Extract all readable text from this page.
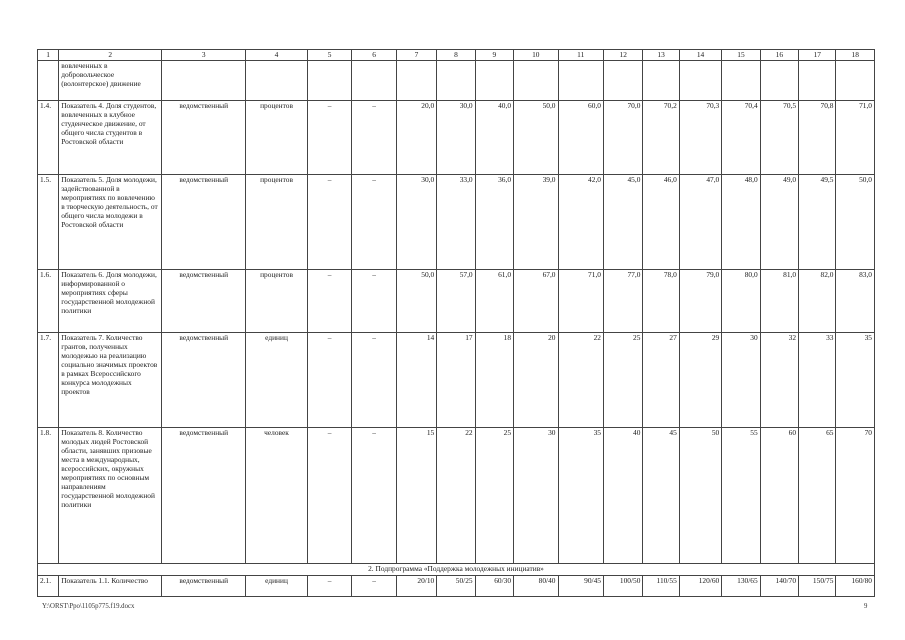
1	2	3	4	5	6	7	8	9	10	11	12	13	14	15	16	17	18
	вовлеченных в добровольческое (волонтерское) движение																
1.4.	Показатель 4. Доля студентов, вовлеченных в клубное студенческое движение, от общего числа студентов в Ростовской области	ведомственный	процентов	–	–	20,0	30,0	40,0	50,0	60,0	70,0	70,2	70,3	70,4	70,5	70,8	71,0
1.5.	Показатель 5. Доля молодежи, задействованной в мероприятиях по вовлечению в творческую деятельность, от общего числа молодежи в Ростовской области	ведомственный	процентов	–	–	30,0	33,0	36,0	39,0	42,0	45,0	46,0	47,0	48,0	49,0	49,5	50,0
1.6.	Показатель 6. Доля молодежи, информированной о мероприятиях сферы государственной молодежной политики	ведомственный	процентов	–	–	50,0	57,0	61,0	67,0	71,0	77,0	78,0	79,0	80,0	81,0	82,0	83,0
1.7.	Показатель 7. Количество грантов, полученных молодежью на реализацию социально значимых проектов в рамках Всероссийского конкурса молодежных проектов	ведомственный	единиц	–	–	14	17	18	20	22	25	27	29	30	32	33	35
1.8.	Показатель 8. Количество молодых людей Ростовской области, занявших призовые места в международных, всероссийских, окружных мероприятиях по основным направлениям государственной молодежной политики	ведомственный	человек	–	–	15	22	25	30	35	40	45	50	55	60	65	70
2. Подпрограмма «Поддержка молодежных инициатив»																	
2.1.	Показатель 1.1. Количество	ведомственный	единиц	–	–	20/10	50/25	60/30	80/40	90/45	100/50	110/55	120/60	130/65	140/70	150/75	160/80
Y:\ORST\Ppo\1105p775.f19.docx	9
